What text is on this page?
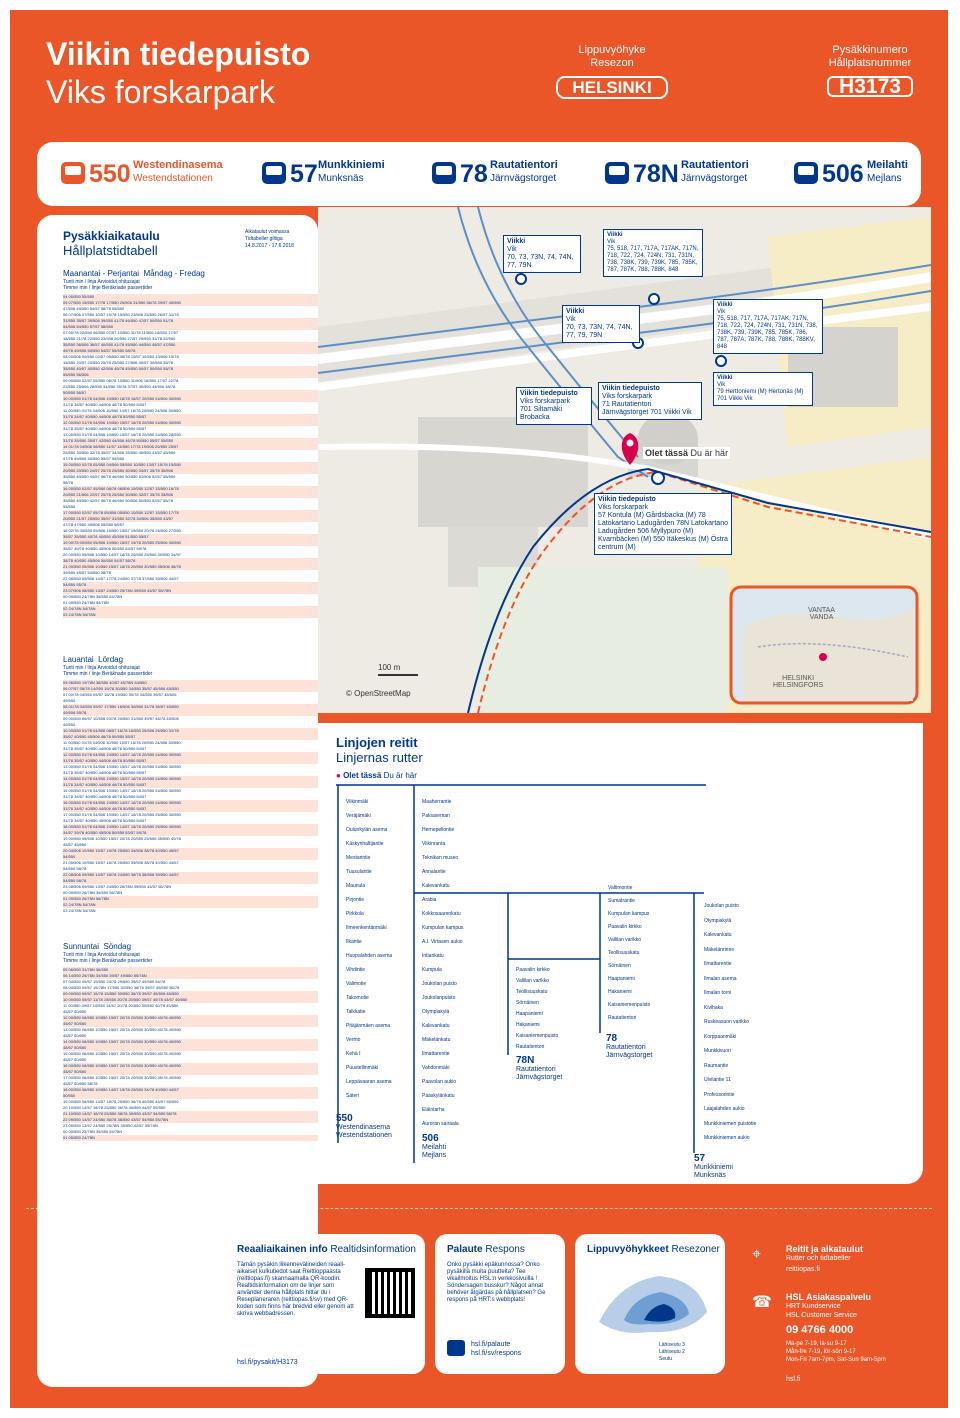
Viikin tiedepuisto
Viks forskarpark
Lippuvyöhyke
Resezon
HELSINKI
Pysäkkinumero
Hållplatsnummer
H3173
550 Westendinasema
Westendstationen	57 Munkkiniemi
Munksnäs	78 Rautatientori
Järnvägstorget	78N Rautatientori
Järnvägstorget	506 Meilahti
Mejlans
Pysäkkiaikataulu
Hållplatstidtabell
Aikataulut voimassa
Tidtabeller giltiga
14.8.2017 - 17.6.2018
Maanantai - Perjantai Måndag - Fredag
Tunti min / linja Arvioidut ohitusajat
Timme min / linje Beräknade passertider
04 05/550 55/550
05 07/550 15/550 17/78 17/550 25/506 31/550 36/78 39/57 40/550
47/506 49/550 54/57 58/78 55/550
06 07/506 07/550 10/57 15/78 15/550 23/506 25/550 26/57 31/78
31/550 35/57 39/506 39/550 41/78 46/550 47/57 50/550 51/78
54/506 54/550 57/57 58/550
07 00/78 02/550 06/550 07/57 10/550 11/78 11/506 14/550 17/57
18/550 21/78 22/550 23/506 26/550 27/57 29/550 31/78 32/550
35/550 36/506 36/57 40/550 41/78 45/550 44/550 46/57 47/550
49/78 49/506 50/550 54/57 55/550 58/78
08 00/506 00/550 02/57 05/550 06/78 10/57 10/550 13/506 15/78
15/550 20/57 20/550 25/78 25/550 27/506 30/57 30/550 35/78
35/550 40/57 40/550 42/506 45/78 45/550 50/57 50/550 55/78
55/550 56/506
09 00/550 02/57 05/550 08/78 10/550 11/506 16/550 17/57 22/78
22/550 25/506 28/550 34/550 35/78 37/57 40/550 44/506 48/78
50/550 56/57
10 00/550 01/78 04/506 10/550 16/78 16/57 20/550 24/506 30/550
31/78 34/57 40/550 44/506 46/78 50/550 54/57
11 00/550 01/78 04/506 10/550 14/57 16/78 20/550 24/506 30/550
31/78 34/57 40/550 44/506 46/78 50/550 55/57
12 00/550 01/78 04/506 10/550 15/57 16/78 20/550 24/506 30/550
31/78 35/57 40/550 44/506 46/78 50/550 55/57
13 00/550 01/78 04/506 10/550 15/57 16/78 20/550 24/506 28/550
31/78 35/550 35/57 42/550 44/506 46/78 50/550 55/57 55/550
14 01/78 04/506 08/550 11/57 14/550 17/78 19/506 20/550 25/57
25/550 30/506 32/78 35/57 34/506 35/550 40/550 43/57 45/550
47/78 49/506 50/550 55/57 55/550
15 00/550 02/78 05/550 04/506 05/550 10/550 13/57 15/78 15/550
20/550 20/550 24/57 25/78 25/550 30/550 34/57 35/78 35/506
35/550 40/550 44/57 46/78 46/550 50/550 51/506 52/57 55/550
56/78
16 00/550 02/57 05/550 06/78 06/506 10/550 12/57 15/550 16/78
20/550 21/506 22/57 25/78 25/550 30/550 32/57 35/78 35/506
35/550 40/550 42/57 46/78 46/550 50/506 50/550 52/57 55/78
55/550
17 00/550 02/57 05/78 05/506 05/550 10/550 12/57 15/550 17/78
20/550 21/57 25/550 35/57 31/550 32/78 34/506 35/550 43/57
47/78 47/550 49/506 55/550 58/57
18 02/78 05/550 09/506 15/550 15/57 19/550 20/78 25/506 27/550
35/57 35/550 40/78 40/550 45/506 51/550 55/57
19 00/78 00/550 05/506 10/550 15/57 19/78 20/550 25/506 30/550
35/57 39/78 40/550 45/506 50/550 54/57 59/78
20 00/550 05/506 10/550 14/57 18/78 20/550 25/506 30/550 34/57
38/78 40/550 45/506 50/550 54/57 58/78
21 00/550 05/506 10/550 15/57 18/78 20/550 30/550 35/506 38/78
39/550 45/57 54/550 58/78
22 08/550 09/506 14/57 17/78 24/550 37/78 37/550 39/506 44/57
54/550 55/78
23 07/506 08/550 13/57 24/550 25/78N 39/550 43/57 55/78N
00 09/550 24/78N 39/550 54/78N
01 09/550 24/78N 54/78N
02 24/78N 54/78N
03 24/78N 54/78N
Lauantai Lördag
Tunti min / linja Arvioidut ohitusajat
Timme min / linje Beräknade passertider
05 06/550 19/78N 36/550 40/57 45/78N 54/550
06 07/57 08/78 14/550 19/78 30/550 34/550 35/57 45/506 45/550
07 00/78 04/550 09/57 18/78 19/550 30/78 34/550 39/57 45/506
49/550
08 01/78 04/550 09/57 17/550 18/506 30/550 31/78 36/57 45/550
49/506 55/78
09 00/550 06/57 10/506 20/78 20/550 31/550 39/57 46/78 45/506
40/550
10 00/550 01/78 04/506 08/57 16/78 16/550 25/506 26/550 31/78
35/57 40/550 45/506 46/78 50/550 55/57
11 00/550 01/78 04/506 10/550 15/57 16/78 20/550 24/506 30/550
31/78 35/57 40/550 44/506 46/78 50/550 54/57
12 00/550 01/78 04/506 10/550 14/57 16/78 20/550 24/506 30/550
31/78 35/57 40/550 44/506 46/78 50/550 55/57
13 00/550 01/78 04/506 10/550 15/57 16/78 20/550 24/506 30/550
31/78 35/57 40/550 44/506 46/78 50/550 55/57
14 00/550 01/78 04/506 10/550 15/57 16/78 20/550 24/506 30/550
31/78 34/57 40/550 44/506 46/78 50/550 54/57
15 00/550 01/78 04/506 10/550 14/57 16/78 20/550 24/506 30/550
31/78 34/57 40/550 44/506 46/78 50/550 54/57
16 00/550 01/78 04/506 10/550 14/57 16/78 20/550 24/506 30/550
31/78 34/57 40/550 44/506 46/78 50/550 54/57
17 00/550 01/78 04/506 10/550 14/57 16/78 20/550 25/506 30/550
31/78 34/57 40/550 45/506 46/78 50/550 54/57
18 00/550 01/78 04/506 10/550 14/57 16/78 20/550 25/506 30/550
34/57 39/78 40/550 45/506 50/550 53/57 59/78
19 00/550 05/506 10/550 15/57 20/78 20/550 25/506 35/550 40/78
45/57 45/550
20 04/506 10/550 15/57 19/78 25/550 34/506 38/78 40/550 45/57
54/550
21 05/506 10/550 15/57 18/78 25/550 35/506 38/78 40/550 44/57
54/550 58/78
22 08/506 09/550 14/57 18/78 24/550 38/78 38/506 39/550 44/57
54/550 58/78
23 08/506 09/550 13/57 24/550 26/78N 39/550 43/57 56/78N
00 09/550 26/78N 39/550 56/78N
01 09/550 26/78N 56/78N
02 24/78N 54/78N
03 24/78N 54/78N
Sunnuntai Söndag
Tunti min / linja Arvioidut ohitusajat
Timme min / linje Beräknade passertider
05 06/550 31/78N 36/550
06 14/550 25/78N 34/550 39/57 49/550 55/78N
07 04/550 09/57 19/550 24/78 29/550 39/57 49/550 54/78
08 04/550 09/57 15/78N 17/550 30/550 36/78 39/57 45/550 56/78
09 00/550 09/57 15/78 15/550 30/550 36/78 39/57 45/506 46/550
10 00/550 09/57 11/78 15/550 20/78 25/550 39/57 40/78 43/57 49/550
11 00/550 09/57 10/550 14/57 20/78 20/550 30/550 40/78 45/550
45/57 50/550
12 00/550 06/550 10/550 15/57 20/78 20/550 30/550 40/78 40/550
45/57 50/550
13 00/550 06/550 10/550 15/57 20/78 20/550 30/550 40/78 40/550
45/57 50/550
14 00/550 06/550 10/550 15/57 20/78 20/550 30/550 40/78 40/550
45/57 50/550
15 00/550 06/550 10/550 15/57 20/78 20/550 30/550 40/78 40/550
45/57 50/550
16 00/550 06/550 10/550 15/57 20/78 20/550 30/550 40/78 40/550
45/57 50/550
17 00/550 06/550 10/550 15/57 20/78 20/550 30/550 39/78 40/550
45/57 50/550 58/78
18 00/550 06/550 10/550 14/57 19/78 25/550 34/78 40/550 44/57
50/550
19 00/550 06/550 14/57 18/78 25/550 36/78 40/550 44/57 55/550
20 10/550 14/57 18/78 25/550 36/78 40/550 44/57 55/550
21 10/550 14/57 18/78 25/550 38/78 39/550 43/57 54/550 58/78
22 09/550 14/57 24/550 36/78 38/550 43/57 54/550 55/78N
23 09/550 13/57 24/550 25/78N 39/550 42/57 55/78N
00 09/550 25/78N 39/550 54/78N
01 05/550 24/78N
Viikki
Vik
70, 73, 73N, 74, 74N, 77, 79N
Viikki
Vik
75, 518, 717, 717A, 717AK, 717N, 718, 722, 724, 724N, 731, 731N, 738, 738K, 739, 739K, 785, 785K, 787, 787K, 788, 788K, 848
Viikki
Vik
70, 73, 73N, 74, 74N, 77, 79, 79N
Viikki
Vik
75, 518, 717, 717A, 717AK, 717N, 718, 722, 724, 724N, 731, 731N, 738, 738K, 739, 739K, 785, 785K, 786, 787, 787A, 787K, 788, 788K, 788KV, 848
Viikki
Vik
79 Herttoniemi (M) Hertonäs (M) 701 Viikki Vik
Viikin tiedepuisto
Viks forskarpark
701 Siltamäki Brobacka
Viikin tiedepuisto
Viks forskarpark
71 Rautatientori Järnvägstorget 701 Viikki Vik
Viikin tiedepuisto
Viks forskarpark
57 Kontula (M) Gårdsbacka (M) 78 Latokartano Ladugården 78N Latokartano Ladugården 506 Myllypuro (M) Kvarnbäcken (M) 550 Itäkeskus (M) Östra centrum (M)
Olet tässä Du är här
100 m
© OpenStreetMap
VANTAA
VANDA
HELSINKI
HELSINGFORS
Linjojen reitit
Linjernas rutter
● Olet tässä Du är här
Viikinmäki
Veräjämäki
Oulunkylän asema
Käskynhaltijantie
Mestarintie
Tuusulantie
Maunula
Pirjontie
Pirkkola
Ilmeenkentänmäki
Ilkantie
Huopalahden asema
Vihdintie
Valimotie
Takomotie
Talkkatie
Pitäjänmäen asema
Vermo
Kehä I
Puustellinmäki
Leppävaaran asema
Säteri
550
Westendinasema
Westendstationen
Maaherrantie
Paloaseman
Hernepellontie
Viikinranta
Teknikan museo
Annalantie
Kalevankatu
Arabia
Kokkosaarenkatu
Kumpulan kampus
A.I. Virtasen aukio
Intiankatu
Kumpula
Joukolan puisto
Joukolanpuisto
Olympiakylä
Kalevankatu
Mäkelänkatu
Ilmattarentie
Vahdonmäki
Paavolan aukio
Pääskylänkatu
Eläintarha
Auroran sairaala
506
Meilahti
Mejlans
Paavalin kirkko
Vallilan varikko
Teollisuuskatu
Sörnäinen
Haapaniemi
Hakaniemi
Kaisaniemenpuisto
Rautatientori
78N
Rautatientori
Järnvägstorget
Valtimontie
Sumatrantie
Kumpulan kampus
Paavalin kirkko
Vallilan varikko
Teollisuuskatu
Sörnäinen
Haapaniemi
Hakaniemi
Kaisaniemenpuisto
Rautatientori
78
Rautatientori
Järnvägstorget
Joukolan puisto
Olympiakylä
Kalevankatu
Mäkelänrinne
Ilmattarentie
Ilmalan asema
Ilmalan torni
Kivihaka
Ruskeasuon varikko
Korppaanmäki
Munkkivuori
Raumantie
Ulvilantie 11
Professorintie
Laajalahden aukio
Munkkiniemen puistotie
Munkkiniemen aukio
57
Munkkiniemi
Munksnäs
HSL
HRT
Reaaliaikainen info Realtidsinformation
Tämän pysäkin liikennevälineiden reaali-aikaiset kulkutiedot saat Reittioppaasta (reittiopas.fi) skannaamalla QR-koodin. Realtidsinformation om de linjer som använder denna hållplats hittar du i Reseplaneraren (reittiopas.fi/sv) med QR-koden som finns här bredvid eller genom att skriva webbadressen.
hsl.fi/pysakit/H3173
Palaute Respons
Onko pysäkki epäkunnossa? Onko pysäkillä muita puutteita? Tee vikailmoitus HSL:n verkkosivuilla ! Söndersagen busskur? Något annat behöver åtgärdas på hållplatsen? Ge respons på HRT:s webbplats!
hsl.fi/palaute
hsl.fi/sv/respons
Lippuvyöhykkeet Resezoner
Lähiseutu 3
Lähiseutu 2
Seutu
⌖	Reitit ja aikataulut
Rutter och tidtabeller
reittiopas.fi
☎ HSL Asiakaspalvelu
HRT Kundservice
HSL Customer Service
09 4766 4000
Ma-pe 7-19, la-su 9-17
Mån-fre 7-19, lör-sön 9-17
Mon-Fri 7am-7pm, Sat-Sun 9am-5pm
hsl.fi
